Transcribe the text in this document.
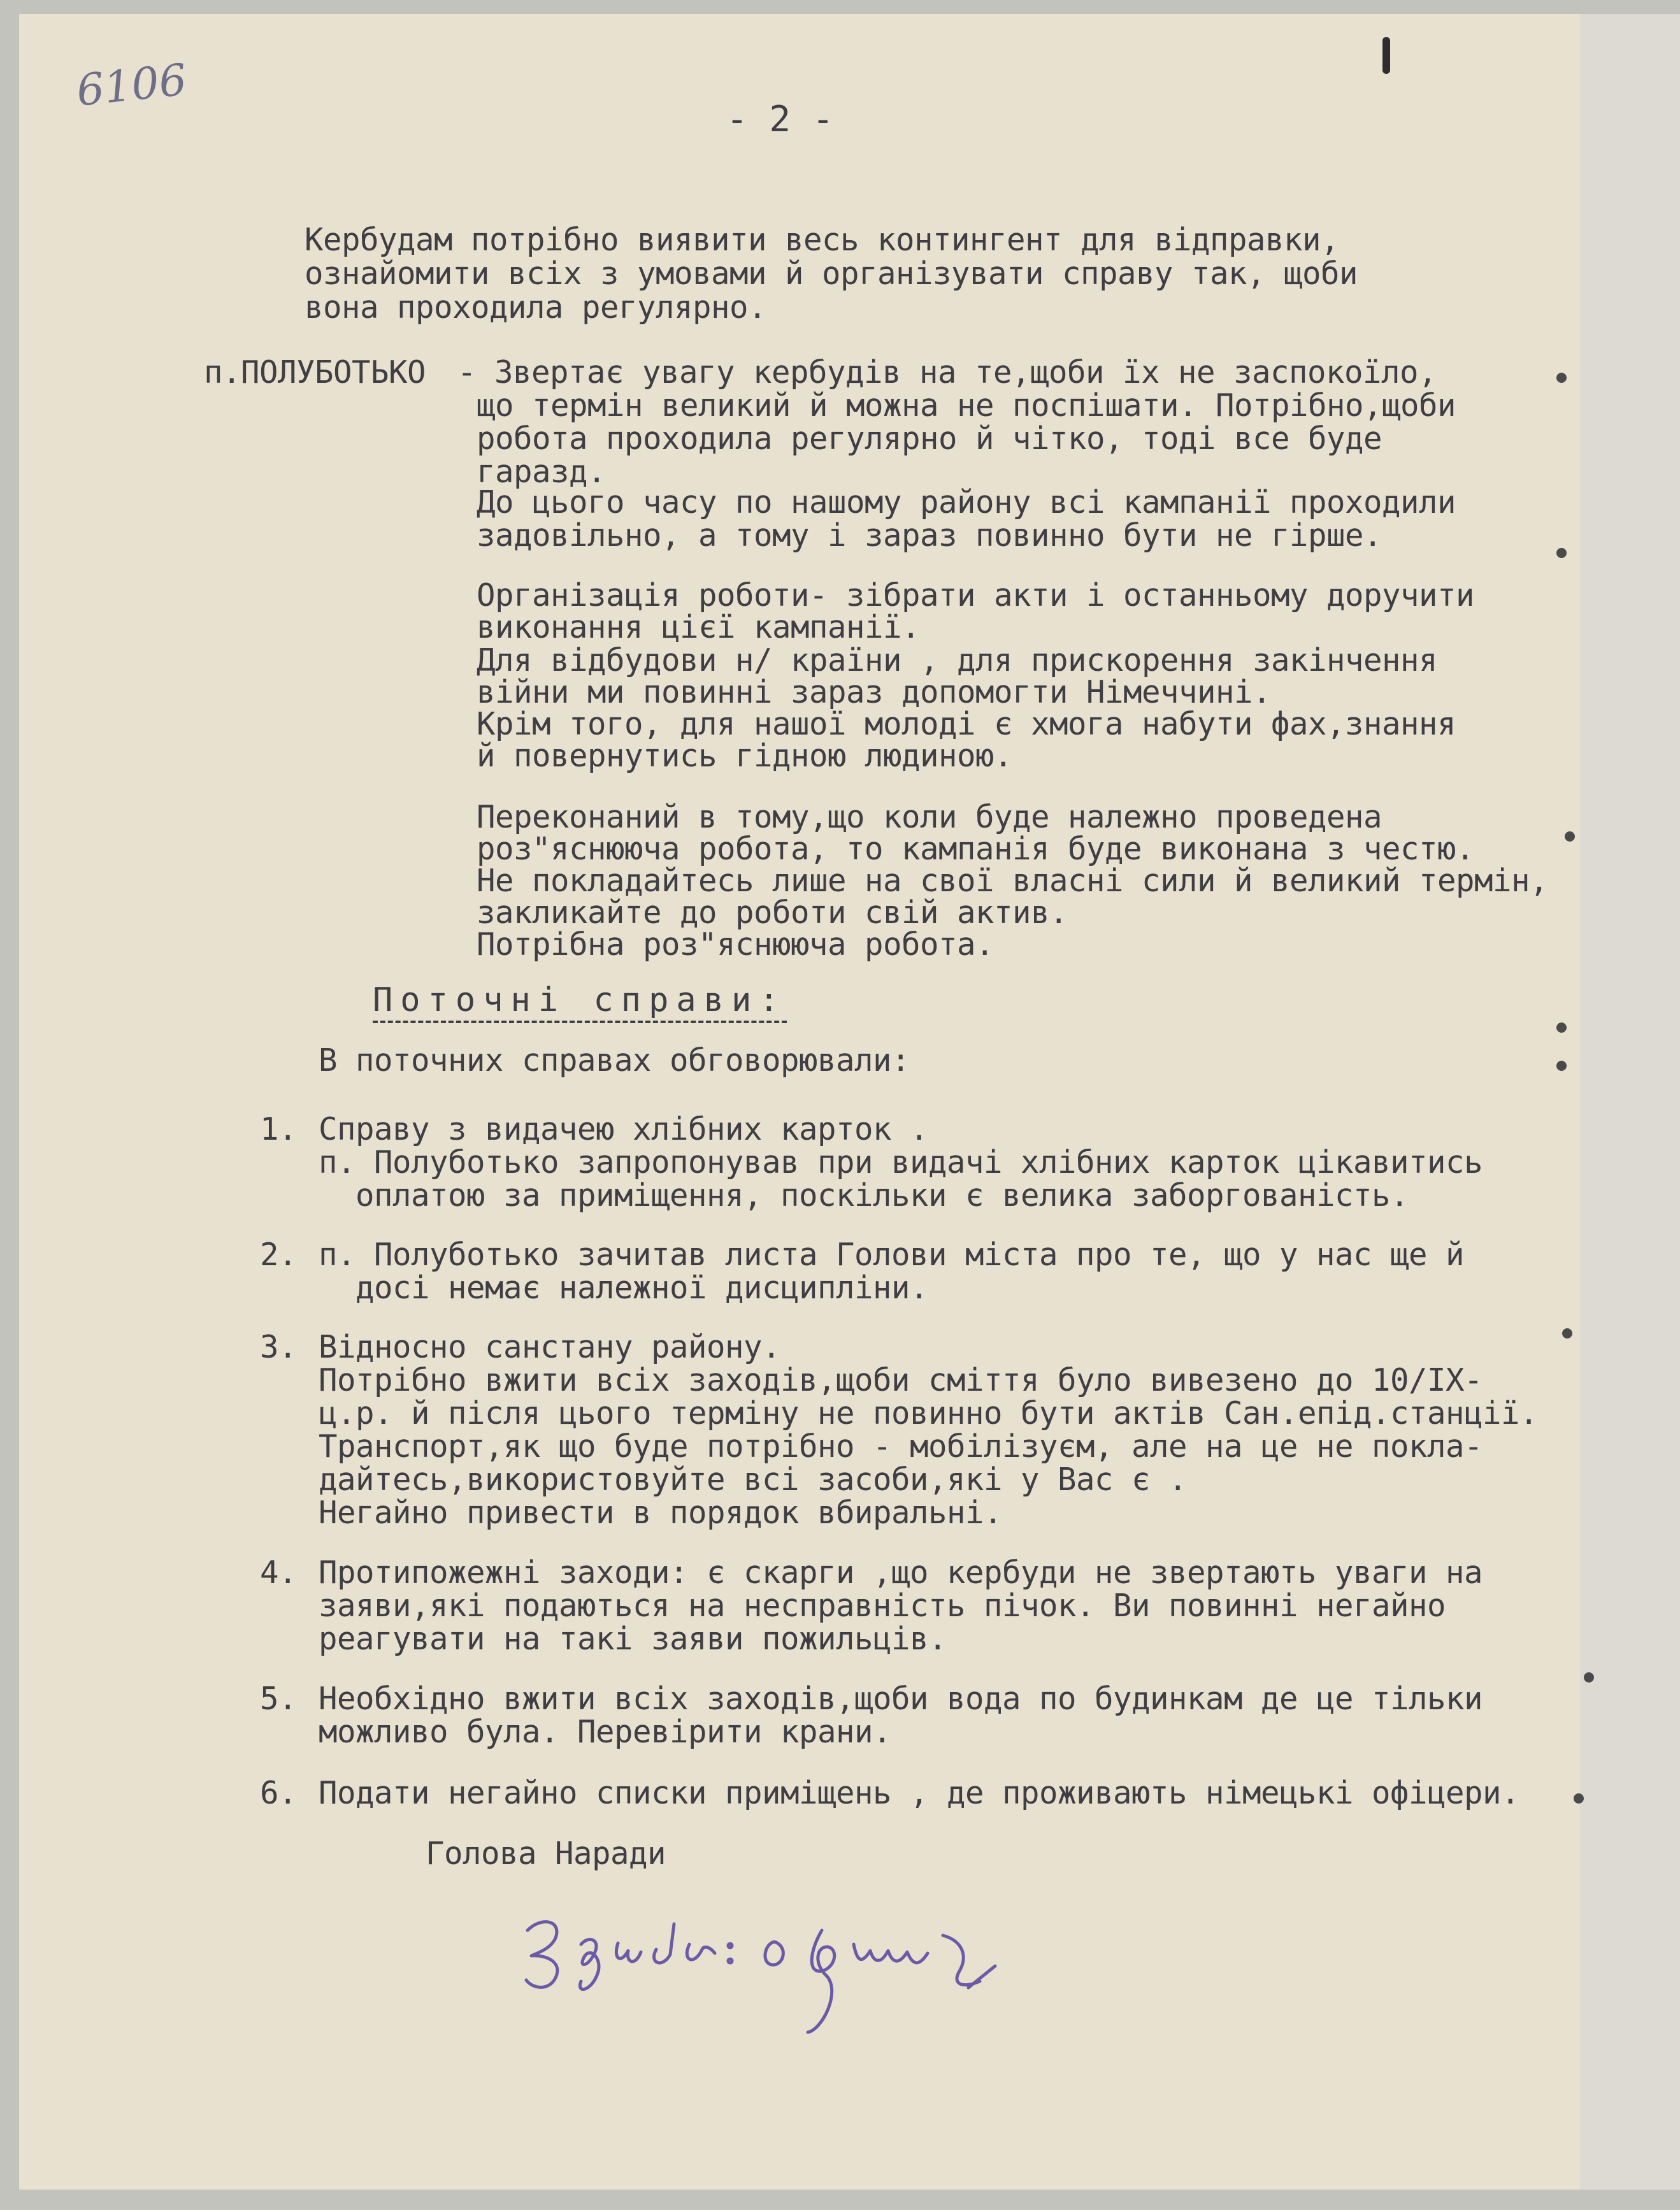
6106
- 2 -
Кербудам потрібно виявити весь контингент для відправки,
ознайомити всіх з умовами й організувати справу так, щоби
вона проходила регулярно.
п.ПОЛУБОТЬКО - Звертає увагу кербудів на те,щоби їх не заспокоїло,
що термін великий й можна не поспішати. Потрібно,щоби
робота проходила регулярно й чітко, тоді все буде
гаразд.
До цього часу по нашому району всі кампанії проходили
задовільно, а тому і зараз повинно бути не гірше.
Організація роботи- зібрати акти і останньому доручити
виконання цієї кампанії.
Для відбудови н/ країни , для прискорення закінчення
війни ми повинні зараз допомогти Німеччині.
Крім того, для нашої молоді є хмога набути фах,знання
й повернутись гідною людиною.
Переконаний в тому,що коли буде належно проведена
роз"яснююча робота, то кампанія буде виконана з честю.
Не покладайтесь лише на свої власні сили й великий термін,
закликайте до роботи свій актив.
Потрібна роз"яснююча робота.
Поточні справи:
В поточних справах обговорювали:
1. Справу з видачею хлібних карток .
п. Полуботько запропонував при видачі хлібних карток цікавитись
оплатою за приміщення, поскільки є велика заборгованість.
2. п. Полуботько зачитав листа Голови міста про те, що у нас ще й
досі немає належної дисципліни.
3. Відносно санстану району.
Потрібно вжити всіх заходів,щоби сміття було вивезено до 10/IX-
ц.р. й після цього терміну не повинно бути актів Сан.епід.станції.
Транспорт,як що буде потрібно - мобілізуєм, але на це не покла-
дайтесь,використовуйте всі засоби,які у Вас є .
Негайно привести в порядок вбиральні.
4. Протипожежні заходи: є скарги ,що кербуди не звертають уваги на
заяви,які подаються на несправність пічок. Ви повинні негайно
реагувати на такі заяви пожильців.
5. Необхідно вжити всіх заходів,щоби вода по будинкам де це тільки
можливо була. Перевірити крани.
6. Подати негайно списки приміщень , де проживають німецькі офіцери.
Голова Наради
